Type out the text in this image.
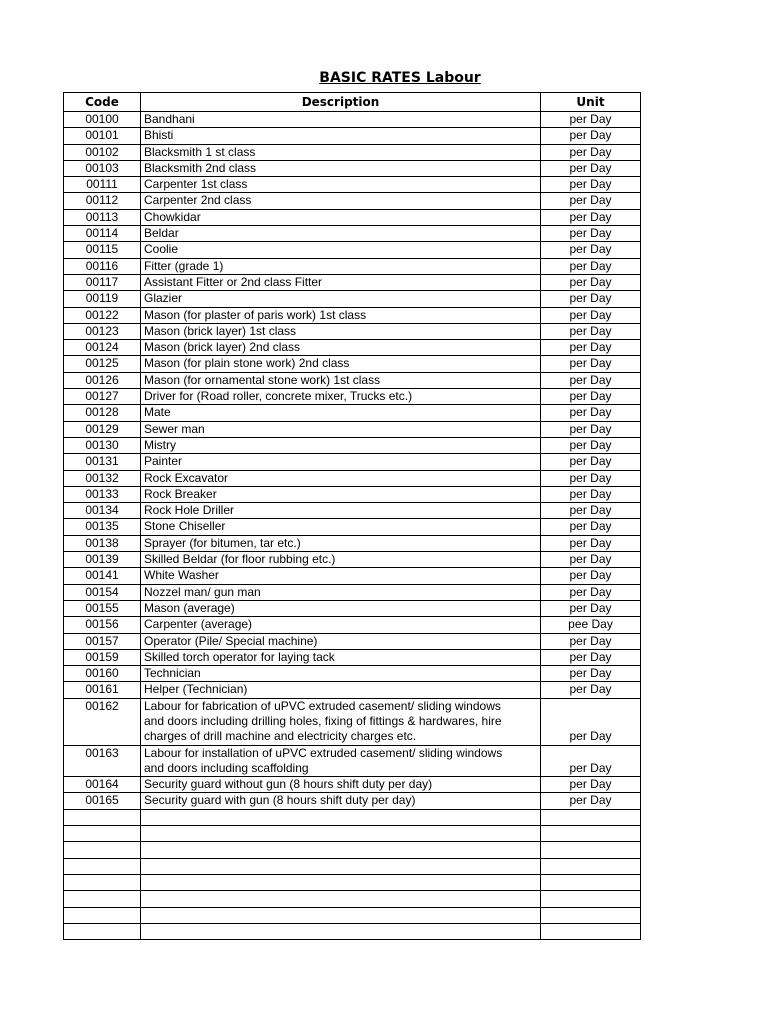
BASIC RATES Labour
Code	Description	Unit
00100	Bandhani	per Day
00101	Bhisti	per Day
00102	Blacksmith 1 st class	per Day
00103	Blacksmith 2nd class	per Day
00111	Carpenter 1st class	per Day
00112	Carpenter 2nd class	per Day
00113	Chowkidar	per Day
00114	Beldar	per Day
00115	Coolie	per Day
00116	Fitter (grade 1)	per Day
00117	Assistant Fitter or 2nd class Fitter	per Day
00119	Glazier	per Day
00122	Mason (for plaster of paris work) 1st class	per Day
00123	Mason (brick layer) 1st class	per Day
00124	Mason (brick layer) 2nd class	per Day
00125	Mason (for plain stone work) 2nd class	per Day
00126	Mason (for ornamental stone work) 1st class	per Day
00127	Driver for (Road roller, concrete mixer, Trucks etc.)	per Day
00128	Mate	per Day
00129	Sewer man	per Day
00130	Mistry	per Day
00131	Painter	per Day
00132	Rock Excavator	per Day
00133	Rock Breaker	per Day
00134	Rock Hole Driller	per Day
00135	Stone Chiseller	per Day
00138	Sprayer (for bitumen, tar etc.)	per Day
00139	Skilled Beldar (for floor rubbing etc.)	per Day
00141	White Washer	per Day
00154	Nozzel man/ gun man	per Day
00155	Mason (average)	per Day
00156	Carpenter (average)	pee Day
00157	Operator (Pile/ Special machine)	per Day
00159	Skilled torch operator for laying tack	per Day
00160	Technician	per Day
00161	Helper (Technician)	per Day
00162	Labour for fabrication of uPVC extruded casement/ sliding windows	
	and doors including drilling holes, fixing of fittings & hardwares, hire	
	charges of drill machine and electricity charges etc.	per Day
00163	Labour for installation of uPVC extruded casement/ sliding windows	
	and doors including scaffolding	per Day
00164	Security guard without gun (8 hours shift duty per day)	per Day
00165	Security guard with gun (8 hours shift duty per day)	per Day
